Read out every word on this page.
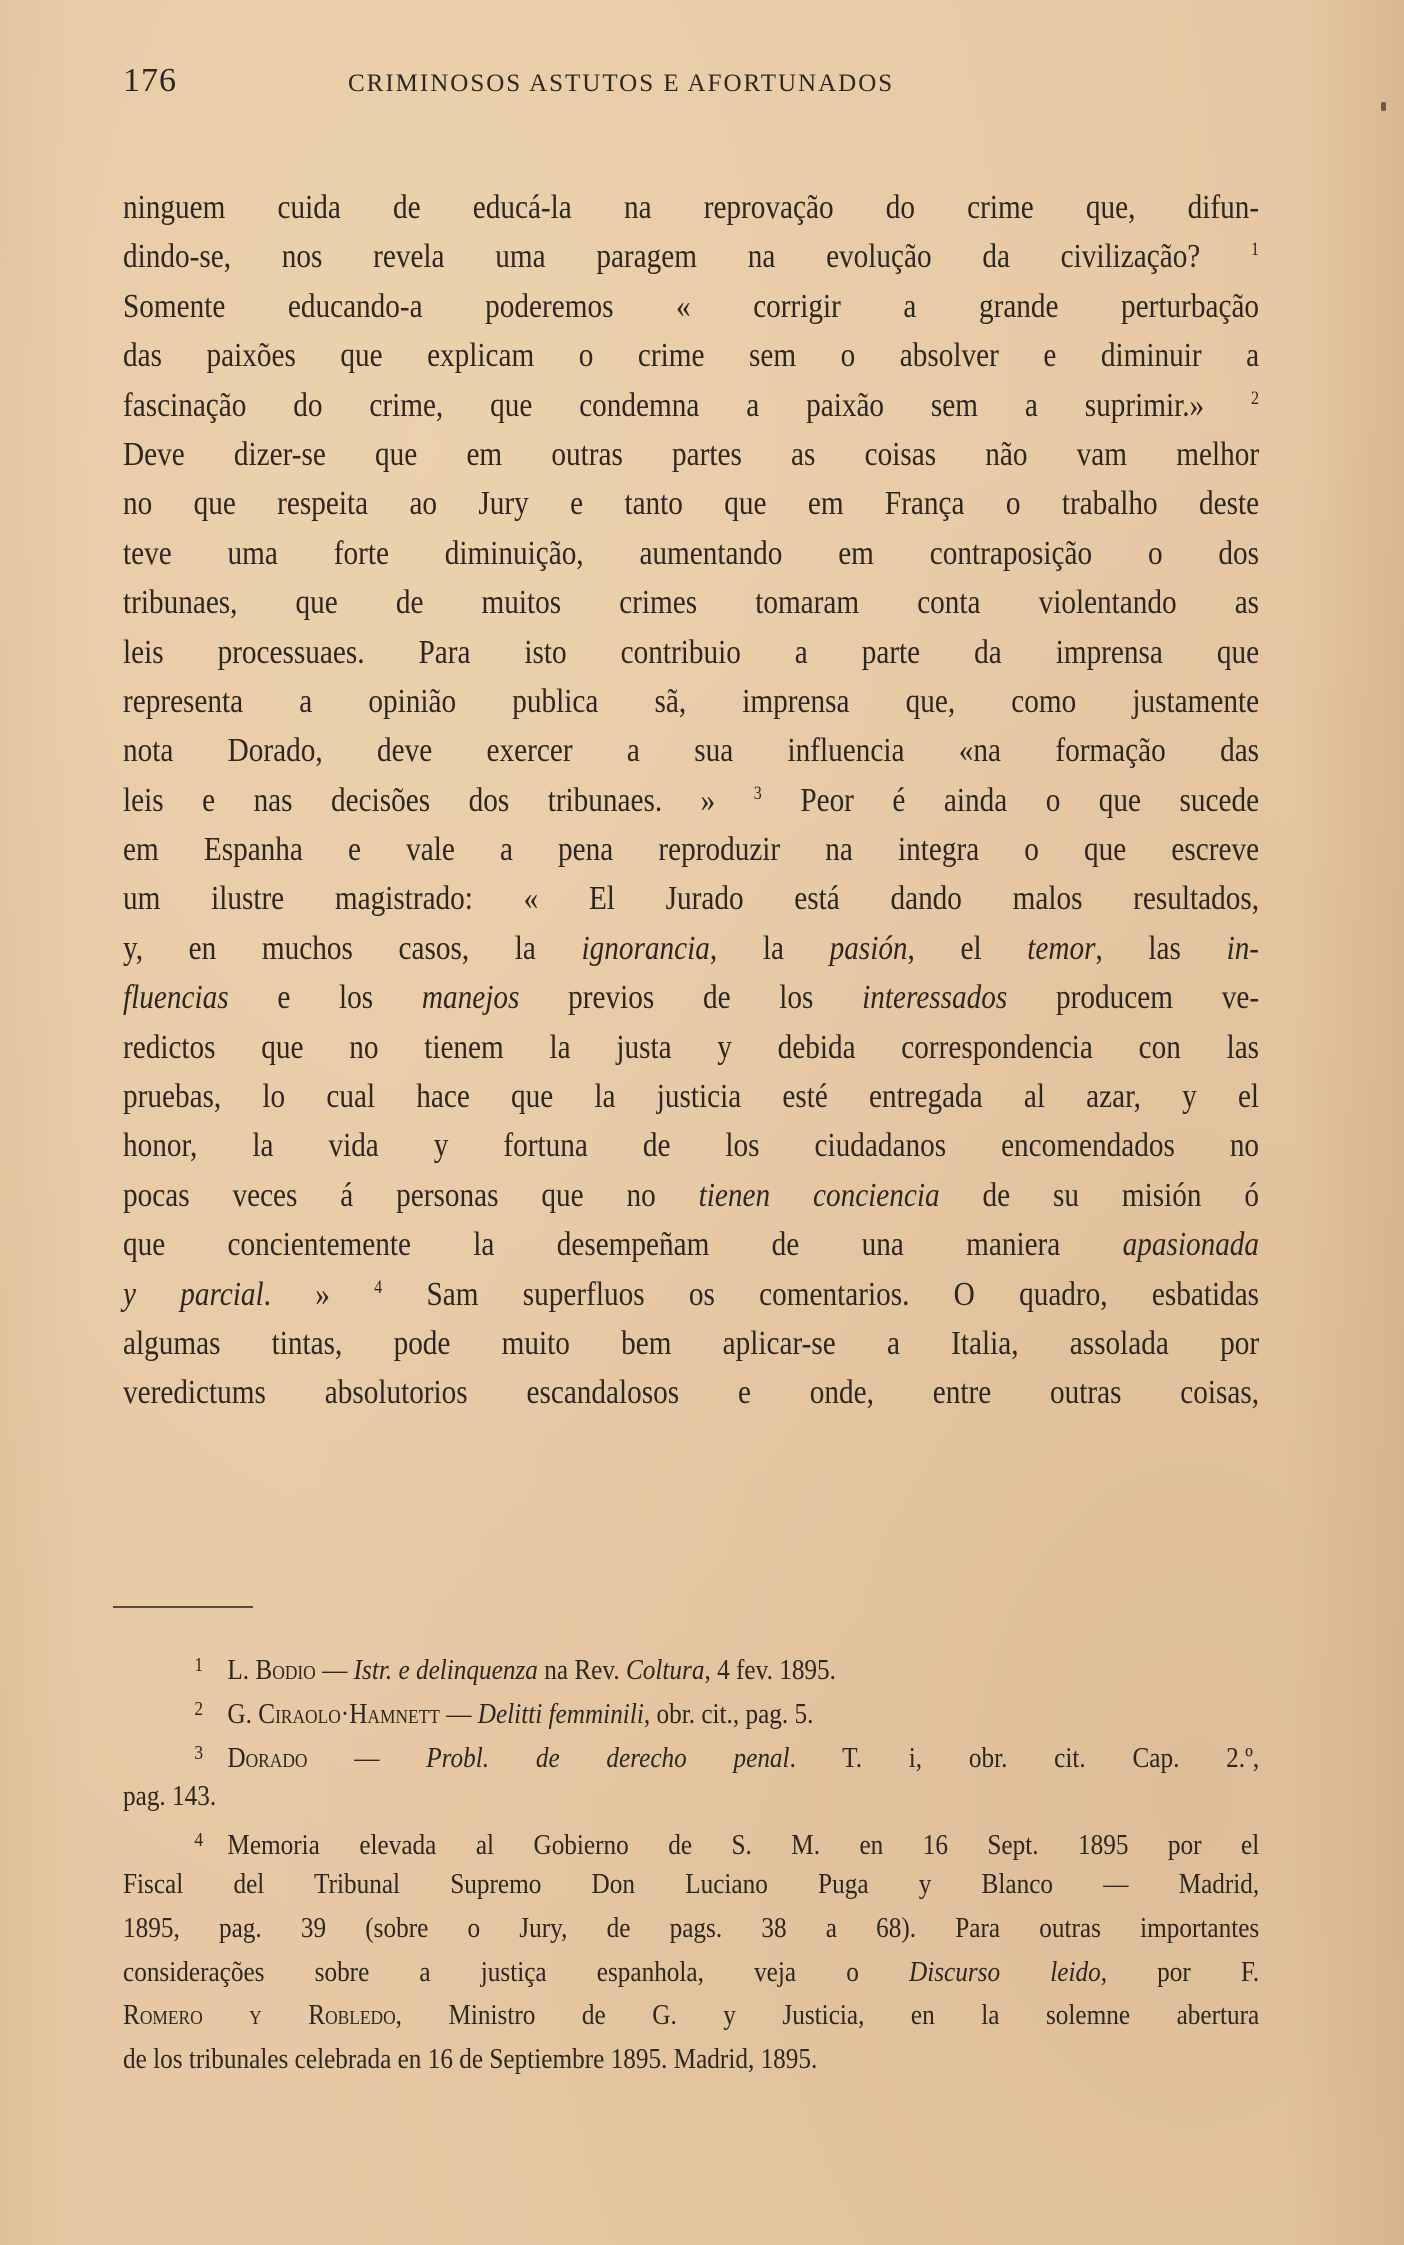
176	CRIMINOSOS ASTUTOS E AFORTUNADOS
ninguem cuida de educá-la na reprovação do crime que, difun-
dindo-se, nos revela uma paragem na evolução da civilização? $^1$
Somente educando-a poderemos « corrigir a grande perturbação
das paixões que explicam o crime sem o absolver e diminuir a
fascinação do crime, que condemna a paixão sem a suprimir.» $^2$
Deve dizer-se que em outras partes as coisas não vam melhor
no que respeita ao Jury e tanto que em França o trabalho deste
teve uma forte diminuição, aumentando em contraposição o dos
tribunaes, que de muitos crimes tomaram conta violentando as
leis processuaes. Para isto contribuio a parte da imprensa que
representa a opinião publica sã, imprensa que, como justamente
nota Dorado, deve exercer a sua influencia «na formação das
leis e nas decisões dos tribunaes. » $^3$ Peor é ainda o que sucede
em Espanha e vale a pena reproduzir na integra o que escreve
um ilustre magistrado: « El Jurado está dando malos resultados,
y, en muchos casos, la ignorancia, la pasión, el temor, las in-
fluencias e los manejos previos de los interessados producem ve-
redictos que no tienem la justa y debida correspondencia con las
pruebas, lo cual hace que la justicia esté entregada al azar, y el
honor, la vida y fortuna de los ciudadanos encomendados no
pocas veces á personas que no tienen conciencia de su misión ó
que concientemente la desempeñam de una maniera apasionada
y parcial. » $^4$ Sam superfluos os comentarios. O quadro, esbatidas
algumas tintas, pode muito bem aplicar-se a Italia, assolada por
veredictums absolutorios escandalosos e onde, entre outras coisas,
1 L. Bodio — Istr. e delinquenza na Rev. Coltura, 4 fev. 1895.
2 G. Ciraolo·Hamnett — Delitti femminili, obr. cit., pag. 5.
3 Dorado — Probl. de derecho penal. T. i, obr. cit. Cap. 2.º,
pag. 143.
4 Memoria elevada al Gobierno de S. M. en 16 Sept. 1895 por el
Fiscal del Tribunal Supremo Don Luciano Puga y Blanco — Madrid,
1895, pag. 39 (sobre o Jury, de pags. 38 a 68). Para outras importantes
considerações sobre a justiça espanhola, veja o Discurso leido, por F.
Romero y Robledo, Ministro de G. y Justicia, en la solemne abertura
de los tribunales celebrada en 16 de Septiembre 1895. Madrid, 1895.
